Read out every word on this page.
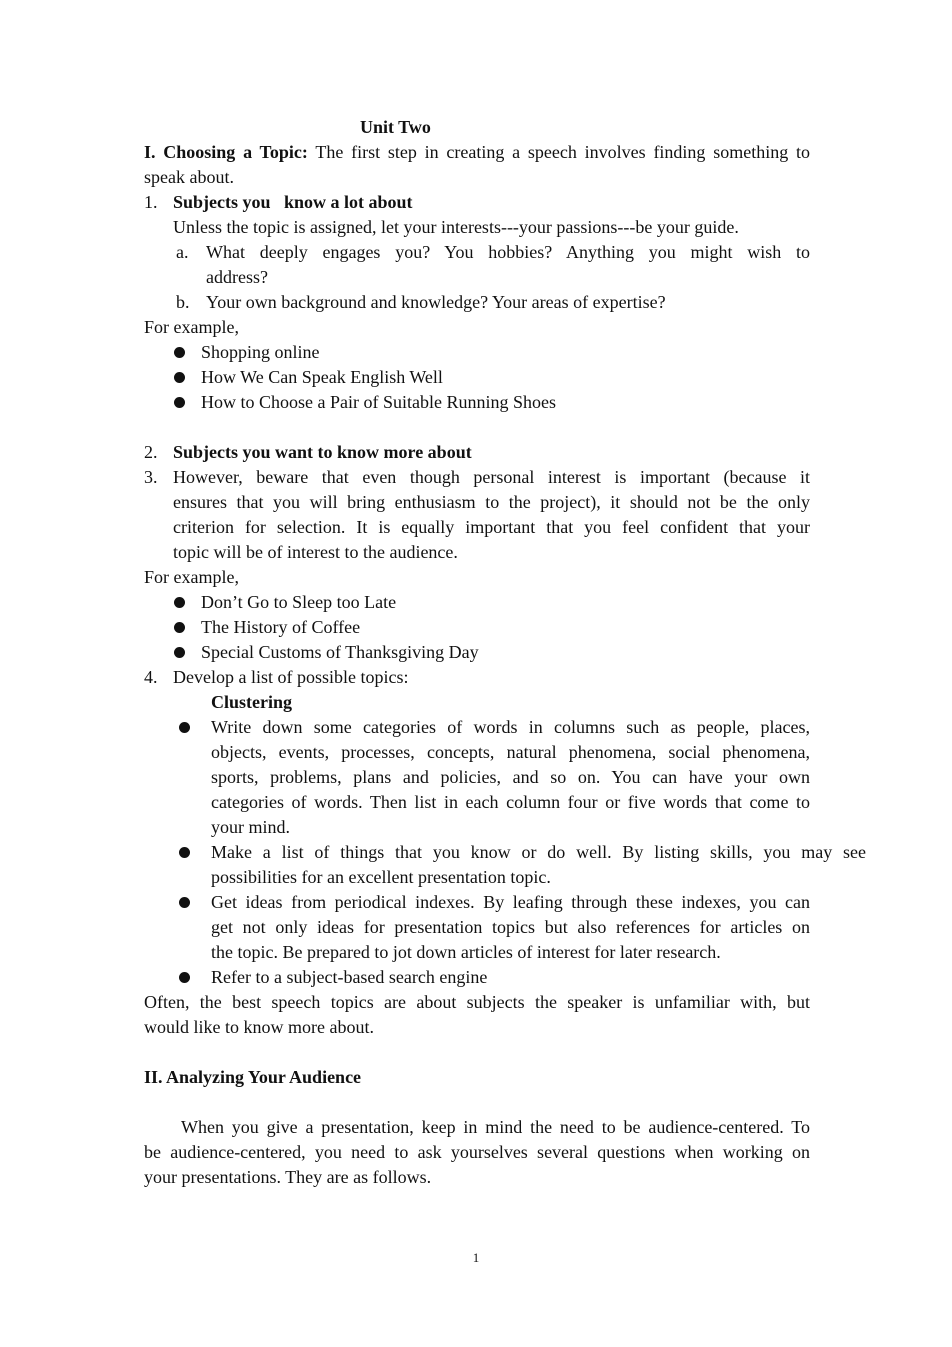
Unit Two
I. Choosing a Topic: The first step in creating a speech involves finding something to
speak about.
1. Subjects you   know a lot about
Unless the topic is assigned, let your interests---your passions---be your guide.
a. What deeply engages you? You hobbies? Anything you might wish to
address?
b. Your own background and knowledge? Your areas of expertise?
For example,
Shopping online
How We Can Speak English Well
How to Choose a Pair of Suitable Running Shoes
2. Subjects you want to know more about
3. However, beware that even though personal interest is important (because it
ensures that you will bring enthusiasm to the project), it should not be the only
criterion for selection. It is equally important that you feel confident that your
topic will be of interest to the audience.
For example,
Don’t Go to Sleep too Late
The History of Coffee
Special Customs of Thanksgiving Day
4. Develop a list of possible topics:
Clustering
Write down some categories of words in columns such as people, places,
objects, events, processes, concepts, natural phenomena, social phenomena,
sports, problems, plans and policies, and so on. You can have your own
categories of words. Then list in each column four or five words that come to
your mind.
Make a list of things that you know or do well. By listing skills, you may see
possibilities for an excellent presentation topic.
Get ideas from periodical indexes. By leafing through these indexes, you can
get not only ideas for presentation topics but also references for articles on
the topic. Be prepared to jot down articles of interest for later research.
Refer to a subject-based search engine
Often, the best speech topics are about subjects the speaker is unfamiliar with, but
would like to know more about.
II. Analyzing Your Audience
When you give a presentation, keep in mind the need to be audience-centered. To
be audience-centered, you need to ask yourselves several questions when working on
your presentations. They are as follows.
1
